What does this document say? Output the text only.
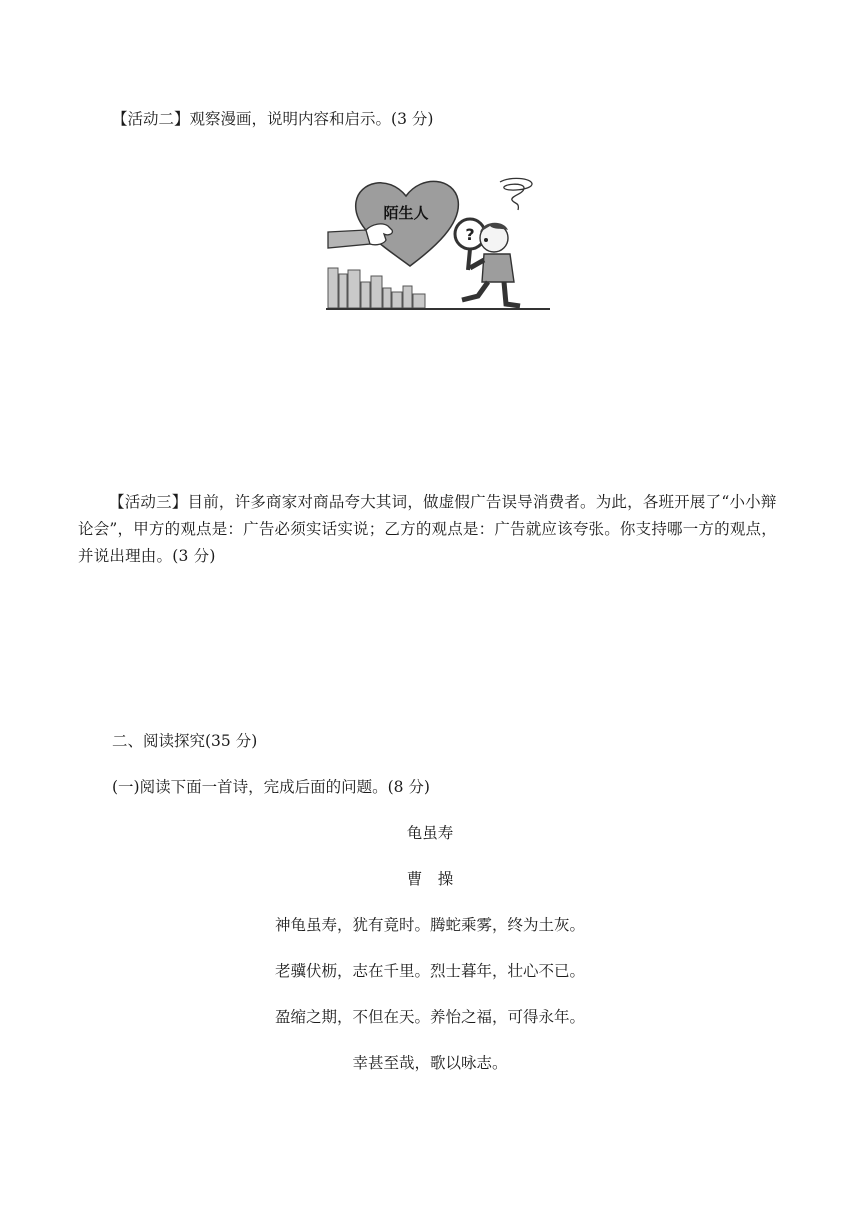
【活动二】观察漫画，说明内容和启示。(3 分)
陌生人
?
【活动三】目前，许多商家对商品夸大其词，做虚假广告误导消费者。为此，各班开展了“小小辩论会”，甲方的观点是：广告必须实话实说；乙方的观点是：广告就应该夸张。你支持哪一方的观点，并说出理由。(3 分)
二、阅读探究(35 分)
(一)阅读下面一首诗，完成后面的问题。(8 分)
龟虽寿
曹　操
神龟虽寿，犹有竟时。腾蛇乘雾，终为土灰。
老骥伏枥，志在千里。烈士暮年，壮心不已。
盈缩之期，不但在天。养怡之福，可得永年。
幸甚至哉，歌以咏志。
